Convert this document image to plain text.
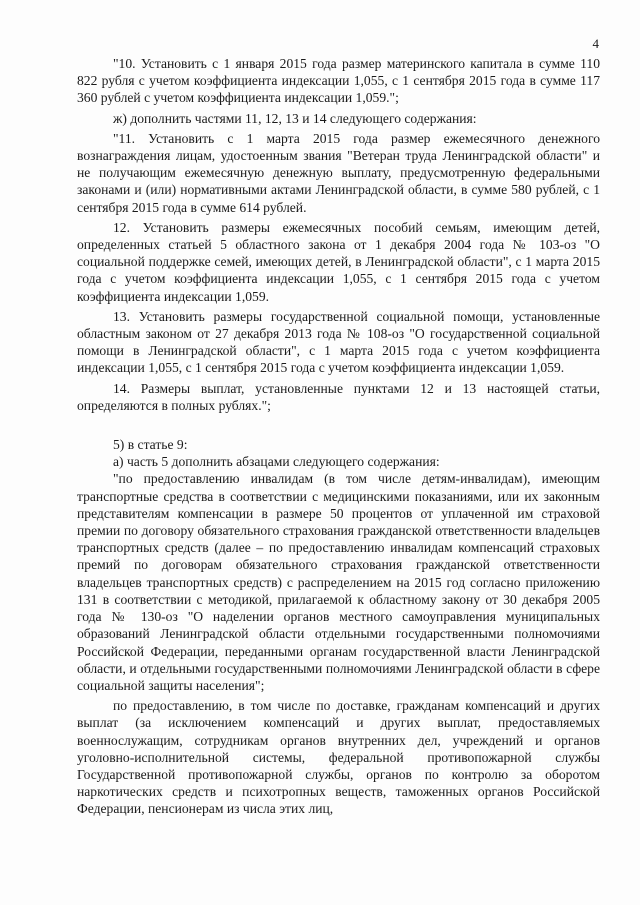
4

"10. Установить с 1 января 2015 года размер материнского капитала в сумме 110 822 рубля с учетом коэффициента индексации 1,055, с 1 сентября 2015 года в сумме 117 360 рублей с учетом коэффициента индексации 1,059.";

ж) дополнить частями 11, 12, 13 и 14 следующего содержания:

"11. Установить с 1 марта 2015 года размер ежемесячного денежного вознаграждения лицам, удостоенным звания "Ветеран труда Ленинградской области" и не получающим ежемесячную денежную выплату, предусмотренную федеральными законами и (или) нормативными актами Ленинградской области, в сумме 580 рублей, с 1 сентября 2015 года в сумме 614 рублей.

12. Установить размеры ежемесячных пособий семьям, имеющим детей, определенных статьей 5 областного закона от 1 декабря 2004 года № 103-оз "О социальной поддержке семей, имеющих детей, в Ленинградской области", с 1 марта 2015 года с учетом коэффициента индексации 1,055, с 1 сентября 2015 года с учетом коэффициента индексации 1,059.

13. Установить размеры государственной социальной помощи, установленные областным законом от 27 декабря 2013 года № 108-оз "О государственной социальной помощи в Ленинградской области", с 1 марта 2015 года с учетом коэффициента индексации 1,055, с 1 сентября 2015 года с учетом коэффициента индексации 1,059.

14. Размеры выплат, установленные пунктами 12 и 13 настоящей статьи, определяются в полных рублях.";

5) в статье 9:

а) часть 5 дополнить абзацами следующего содержания:

"по предоставлению инвалидам (в том числе детям-инвалидам), имеющим транспортные средства в соответствии с медицинскими показаниями, или их законным представителям компенсации в размере 50 процентов от уплаченной им страховой премии по договору обязательного страхования гражданской ответственности владельцев транспортных средств (далее – по предоставлению инвалидам компенсаций страховых премий по договорам обязательного страхования гражданской ответственности владельцев транспортных средств) с распределением на 2015 год согласно приложению 131 в соответствии с методикой, прилагаемой к областному закону от 30 декабря 2005 года № 130-оз "О наделении органов местного самоуправления муниципальных образований Ленинградской области отдельными государственными полномочиями Российской Федерации, переданными органам государственной власти Ленинградской области, и отдельными государственными полномочиями Ленинградской области в сфере социальной защиты населения";

по предоставлению, в том числе по доставке, гражданам компенсаций и других выплат (за исключением компенсаций и других выплат, предоставляемых военнослужащим, сотрудникам органов внутренних дел, учреждений и органов уголовно-исполнительной системы, федеральной противопожарной службы Государственной противопожарной службы, органов по контролю за оборотом наркотических средств и психотропных веществ, таможенных органов Российской Федерации, пенсионерам из числа этих лиц,
